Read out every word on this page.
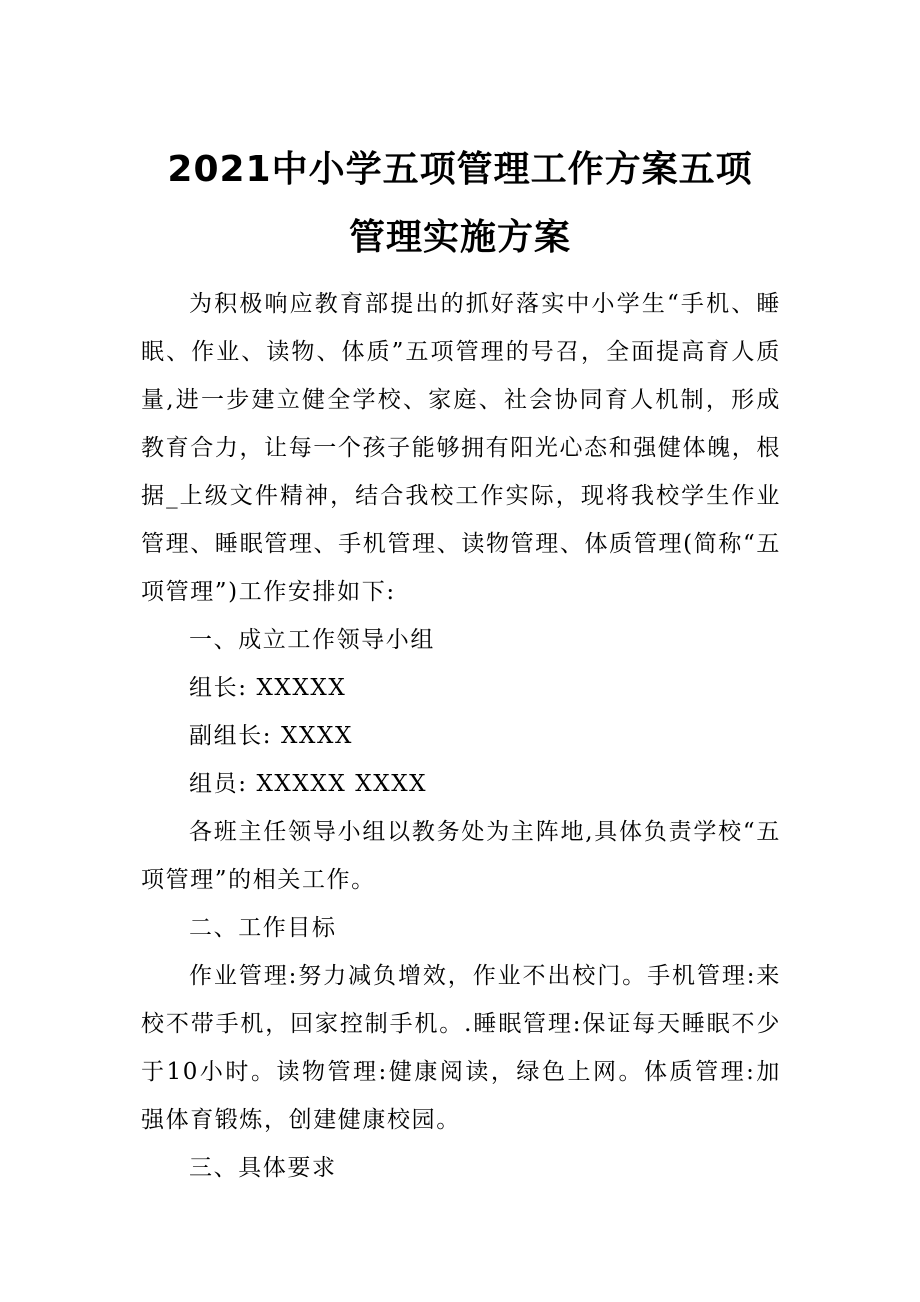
2021中小学五项管理工作方案五项
管理实施方案

为积极响应教育部提出的抓好落实中小学生“手机、睡眠、作业、读物、体质”五项管理的号召，全面提高育人质量,进一步建立健全学校、家庭、社会协同育人机制，形成教育合力，让每一个孩子能够拥有阳光心态和强健体魄，根据_上级文件精神，结合我校工作实际，现将我校学生作业管理、睡眠管理、手机管理、读物管理、体质管理(简称“五项管理”)工作安排如下:

一、成立工作领导小组

组长: XXXXX

副组长: XXXX

组员: XXXXX XXXX

各班主任领导小组以教务处为主阵地,具体负责学校“五项管理”的相关工作。

二、工作目标

作业管理:努力减负增效，作业不出校门。手机管理:来校不带手机，回家控制手机。.睡眠管理:保证每天睡眠不少于10小时。读物管理:健康阅读，绿色上网。体质管理:加强体育锻炼，创建健康校园。

三、具体要求
